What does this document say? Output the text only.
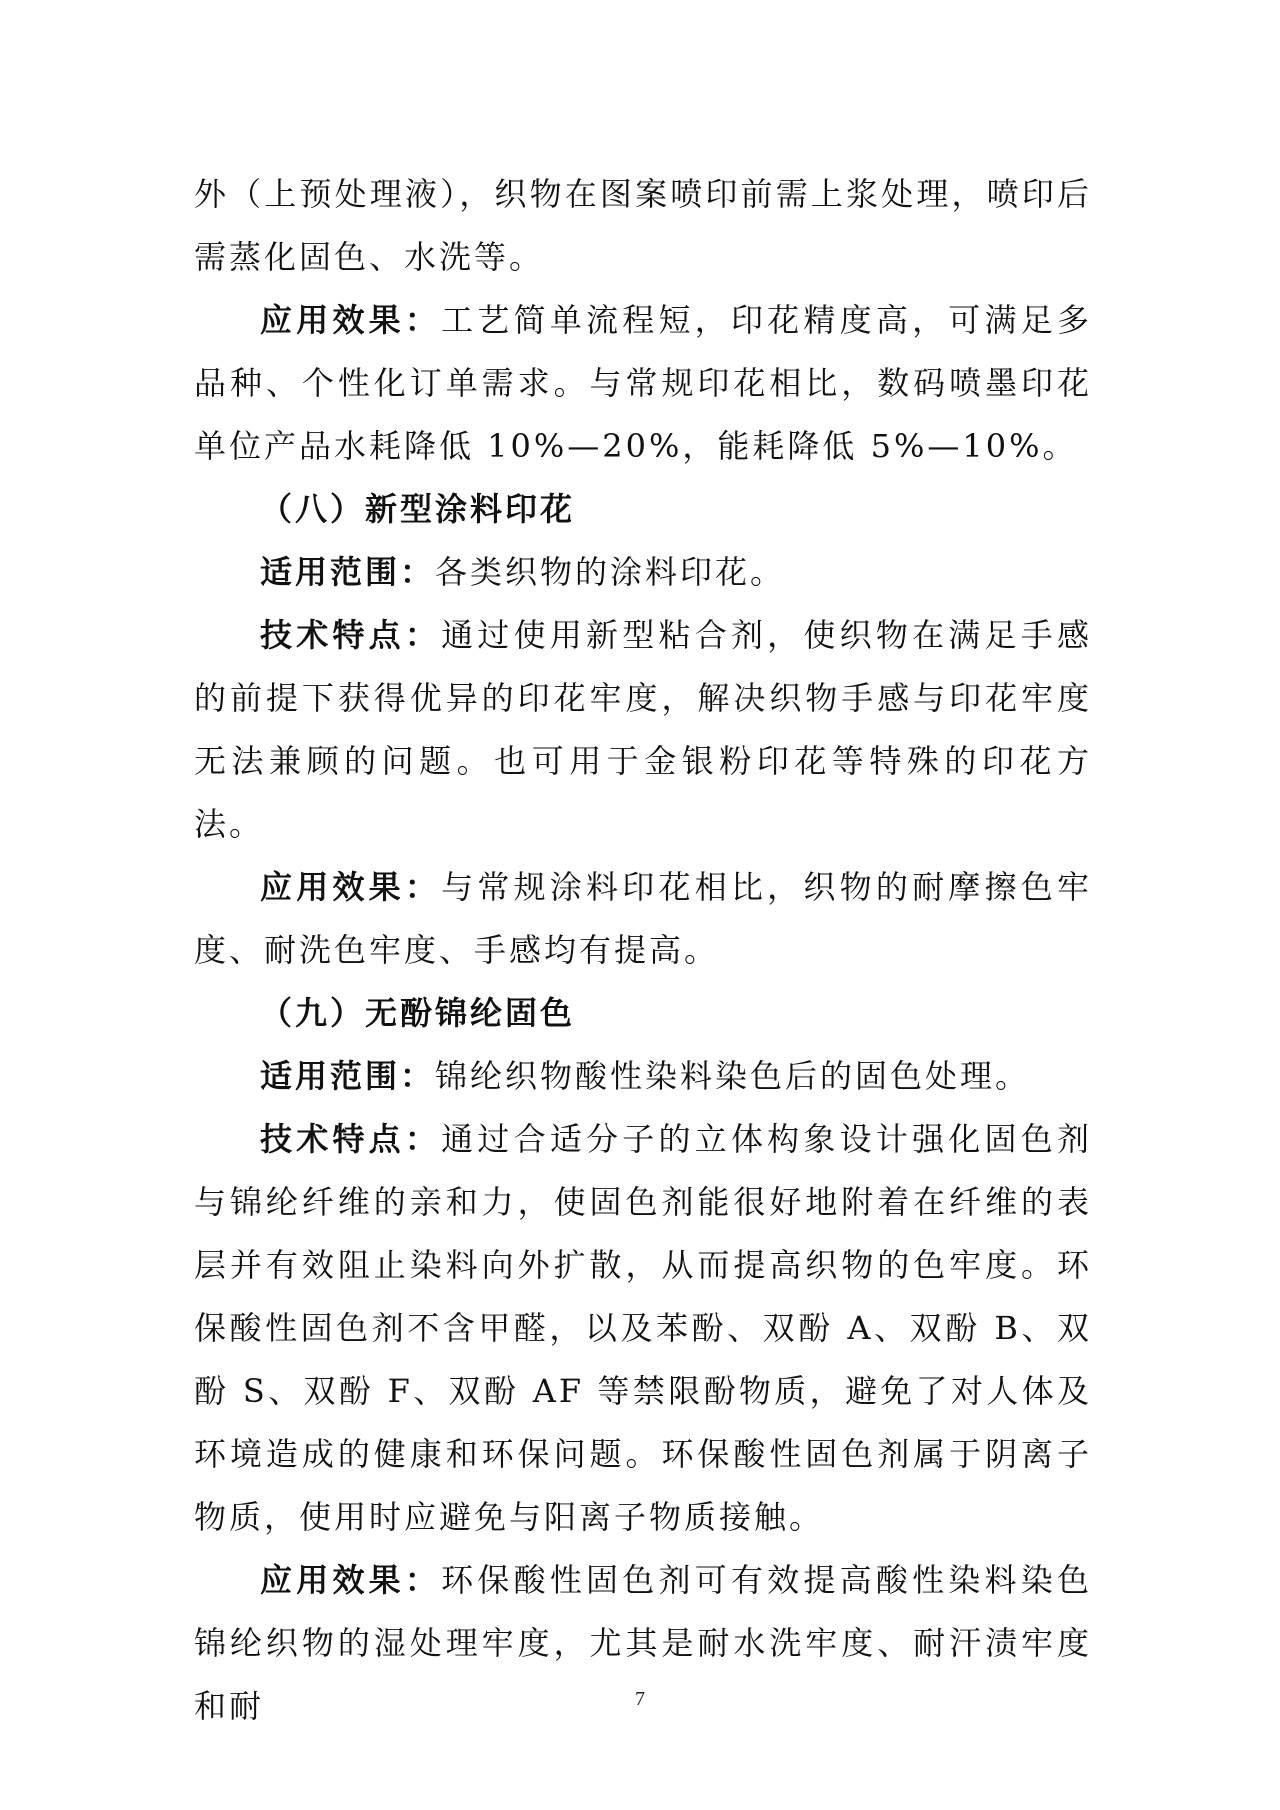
外（上预处理液），织物在图案喷印前需上浆处理，喷印后需蒸化固色、水洗等。

应用效果：工艺简单流程短，印花精度高，可满足多品种、个性化订单需求。与常规印花相比，数码喷墨印花单位产品水耗降低 10%—20%，能耗降低 5%—10%。

（八）新型涂料印花

适用范围：各类织物的涂料印花。

技术特点：通过使用新型粘合剂，使织物在满足手感的前提下获得优异的印花牢度，解决织物手感与印花牢度无法兼顾的问题。也可用于金银粉印花等特殊的印花方法。

应用效果：与常规涂料印花相比，织物的耐摩擦色牢度、耐洗色牢度、手感均有提高。

（九）无酚锦纶固色

适用范围：锦纶织物酸性染料染色后的固色处理。

技术特点：通过合适分子的立体构象设计强化固色剂与锦纶纤维的亲和力，使固色剂能很好地附着在纤维的表层并有效阻止染料向外扩散，从而提高织物的色牢度。环保酸性固色剂不含甲醛，以及苯酚、双酚 A、双酚 B、双酚 S、双酚 F、双酚 AF 等禁限酚物质，避免了对人体及环境造成的健康和环保问题。环保酸性固色剂属于阴离子物质，使用时应避免与阳离子物质接触。

应用效果：环保酸性固色剂可有效提高酸性染料染色锦纶织物的湿处理牢度，尤其是耐水洗牢度、耐汗渍牢度和耐	7
